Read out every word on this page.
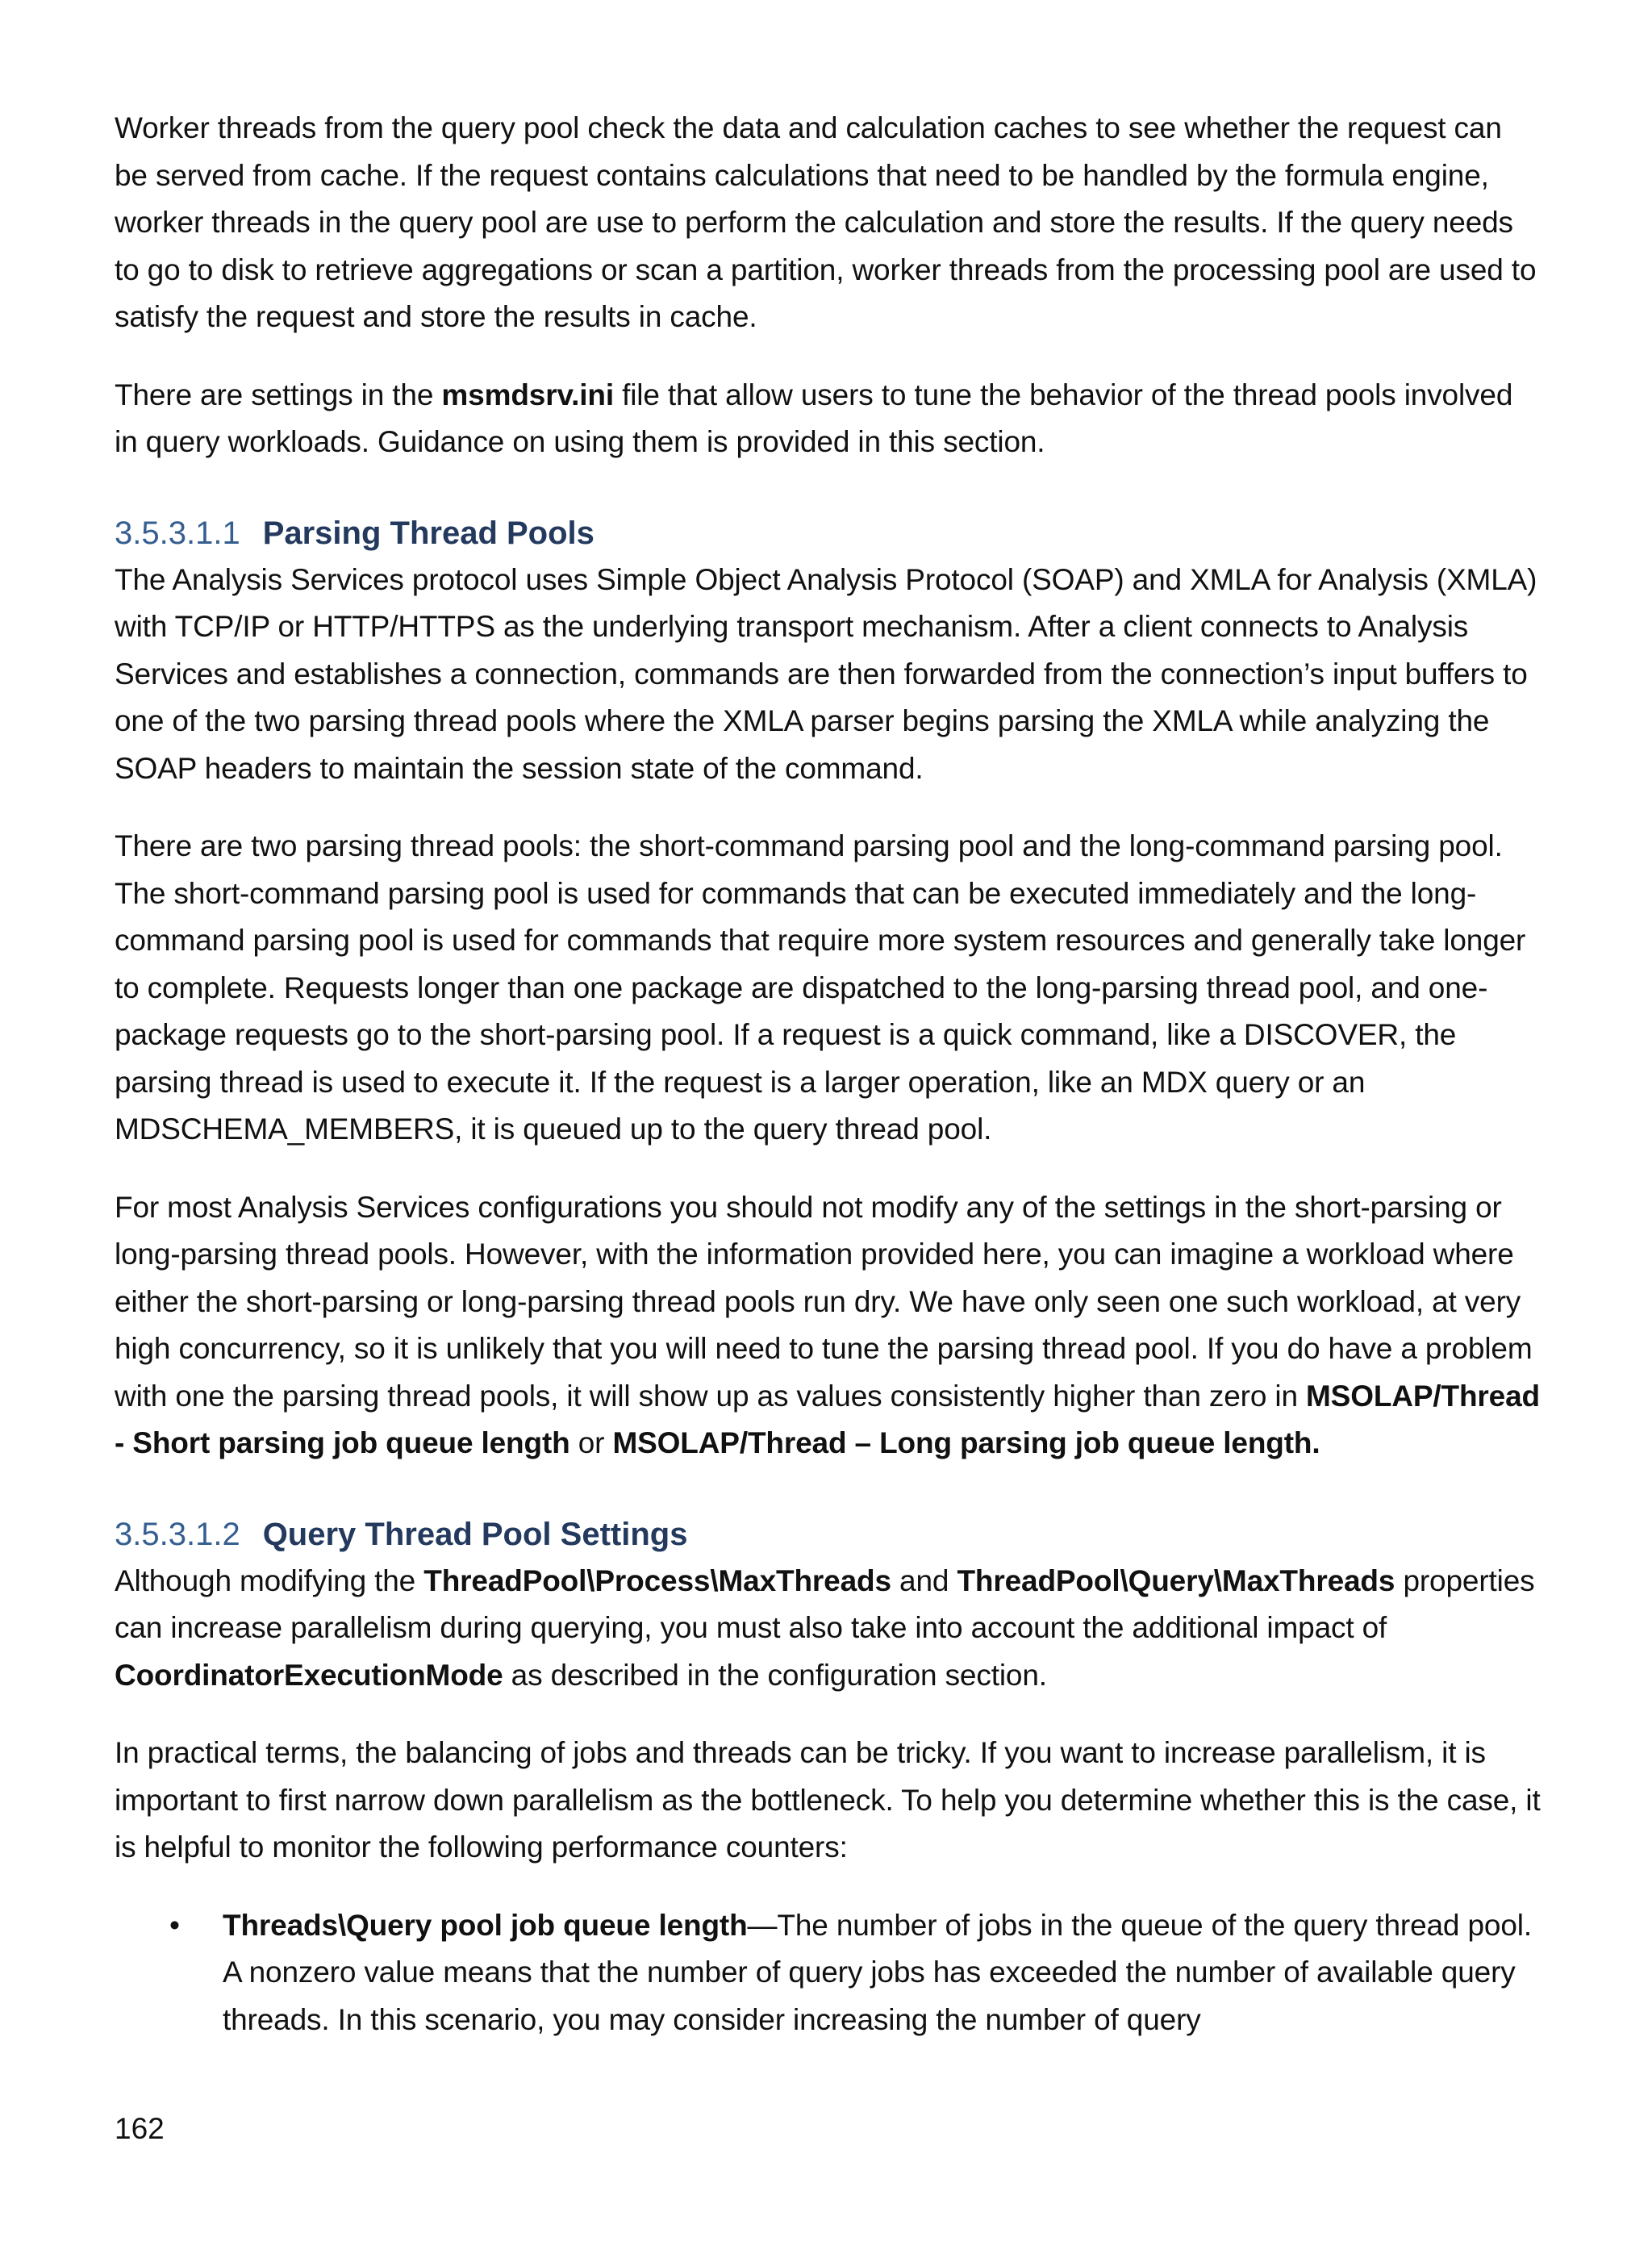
Worker threads from the query pool check the data and calculation caches to see whether the request can be served from cache. If the request contains calculations that need to be handled by the formula engine, worker threads in the query pool are use to perform the calculation and store the results. If the query needs to go to disk to retrieve aggregations or scan a partition, worker threads from the processing pool are used to satisfy the request and store the results in cache.

There are settings in the msmdsrv.ini file that allow users to tune the behavior of the thread pools involved in query workloads. Guidance on using them is provided in this section.

3.5.3.1.1 Parsing Thread Pools

The Analysis Services protocol uses Simple Object Analysis Protocol (SOAP) and XMLA for Analysis (XMLA) with TCP/IP or HTTP/HTTPS as the underlying transport mechanism. After a client connects to Analysis Services and establishes a connection, commands are then forwarded from the connection’s input buffers to one of the two parsing thread pools where the XMLA parser begins parsing the XMLA while analyzing the SOAP headers to maintain the session state of the command.

There are two parsing thread pools: the short-command parsing pool and the long-command parsing pool. The short-command parsing pool is used for commands that can be executed immediately and the long-command parsing pool is used for commands that require more system resources and generally take longer to complete. Requests longer than one package are dispatched to the long-parsing thread pool, and one-package requests go to the short-parsing pool. If a request is a quick command, like a DISCOVER, the parsing thread is used to execute it. If the request is a larger operation, like an MDX query or an MDSCHEMA_MEMBERS, it is queued up to the query thread pool.

For most Analysis Services configurations you should not modify any of the settings in the short-parsing or long-parsing thread pools. However, with the information provided here, you can imagine a workload where either the short-parsing or long-parsing thread pools run dry. We have only seen one such workload, at very high concurrency, so it is unlikely that you will need to tune the parsing thread pool. If you do have a problem with one the parsing thread pools, it will show up as values consistently higher than zero in MSOLAP/Thread - Short parsing job queue length or MSOLAP/Thread – Long parsing job queue length.

3.5.3.1.2 Query Thread Pool Settings

Although modifying the ThreadPool\Process\MaxThreads and ThreadPool\Query\MaxThreads properties can increase parallelism during querying, you must also take into account the additional impact of CoordinatorExecutionMode as described in the configuration section.

In practical terms, the balancing of jobs and threads can be tricky. If you want to increase parallelism, it is important to first narrow down parallelism as the bottleneck. To help you determine whether this is the case, it is helpful to monitor the following performance counters:

• Threads\Query pool job queue length—The number of jobs in the queue of the query thread pool. A nonzero value means that the number of query jobs has exceeded the number of available query threads. In this scenario, you may consider increasing the number of query
162
